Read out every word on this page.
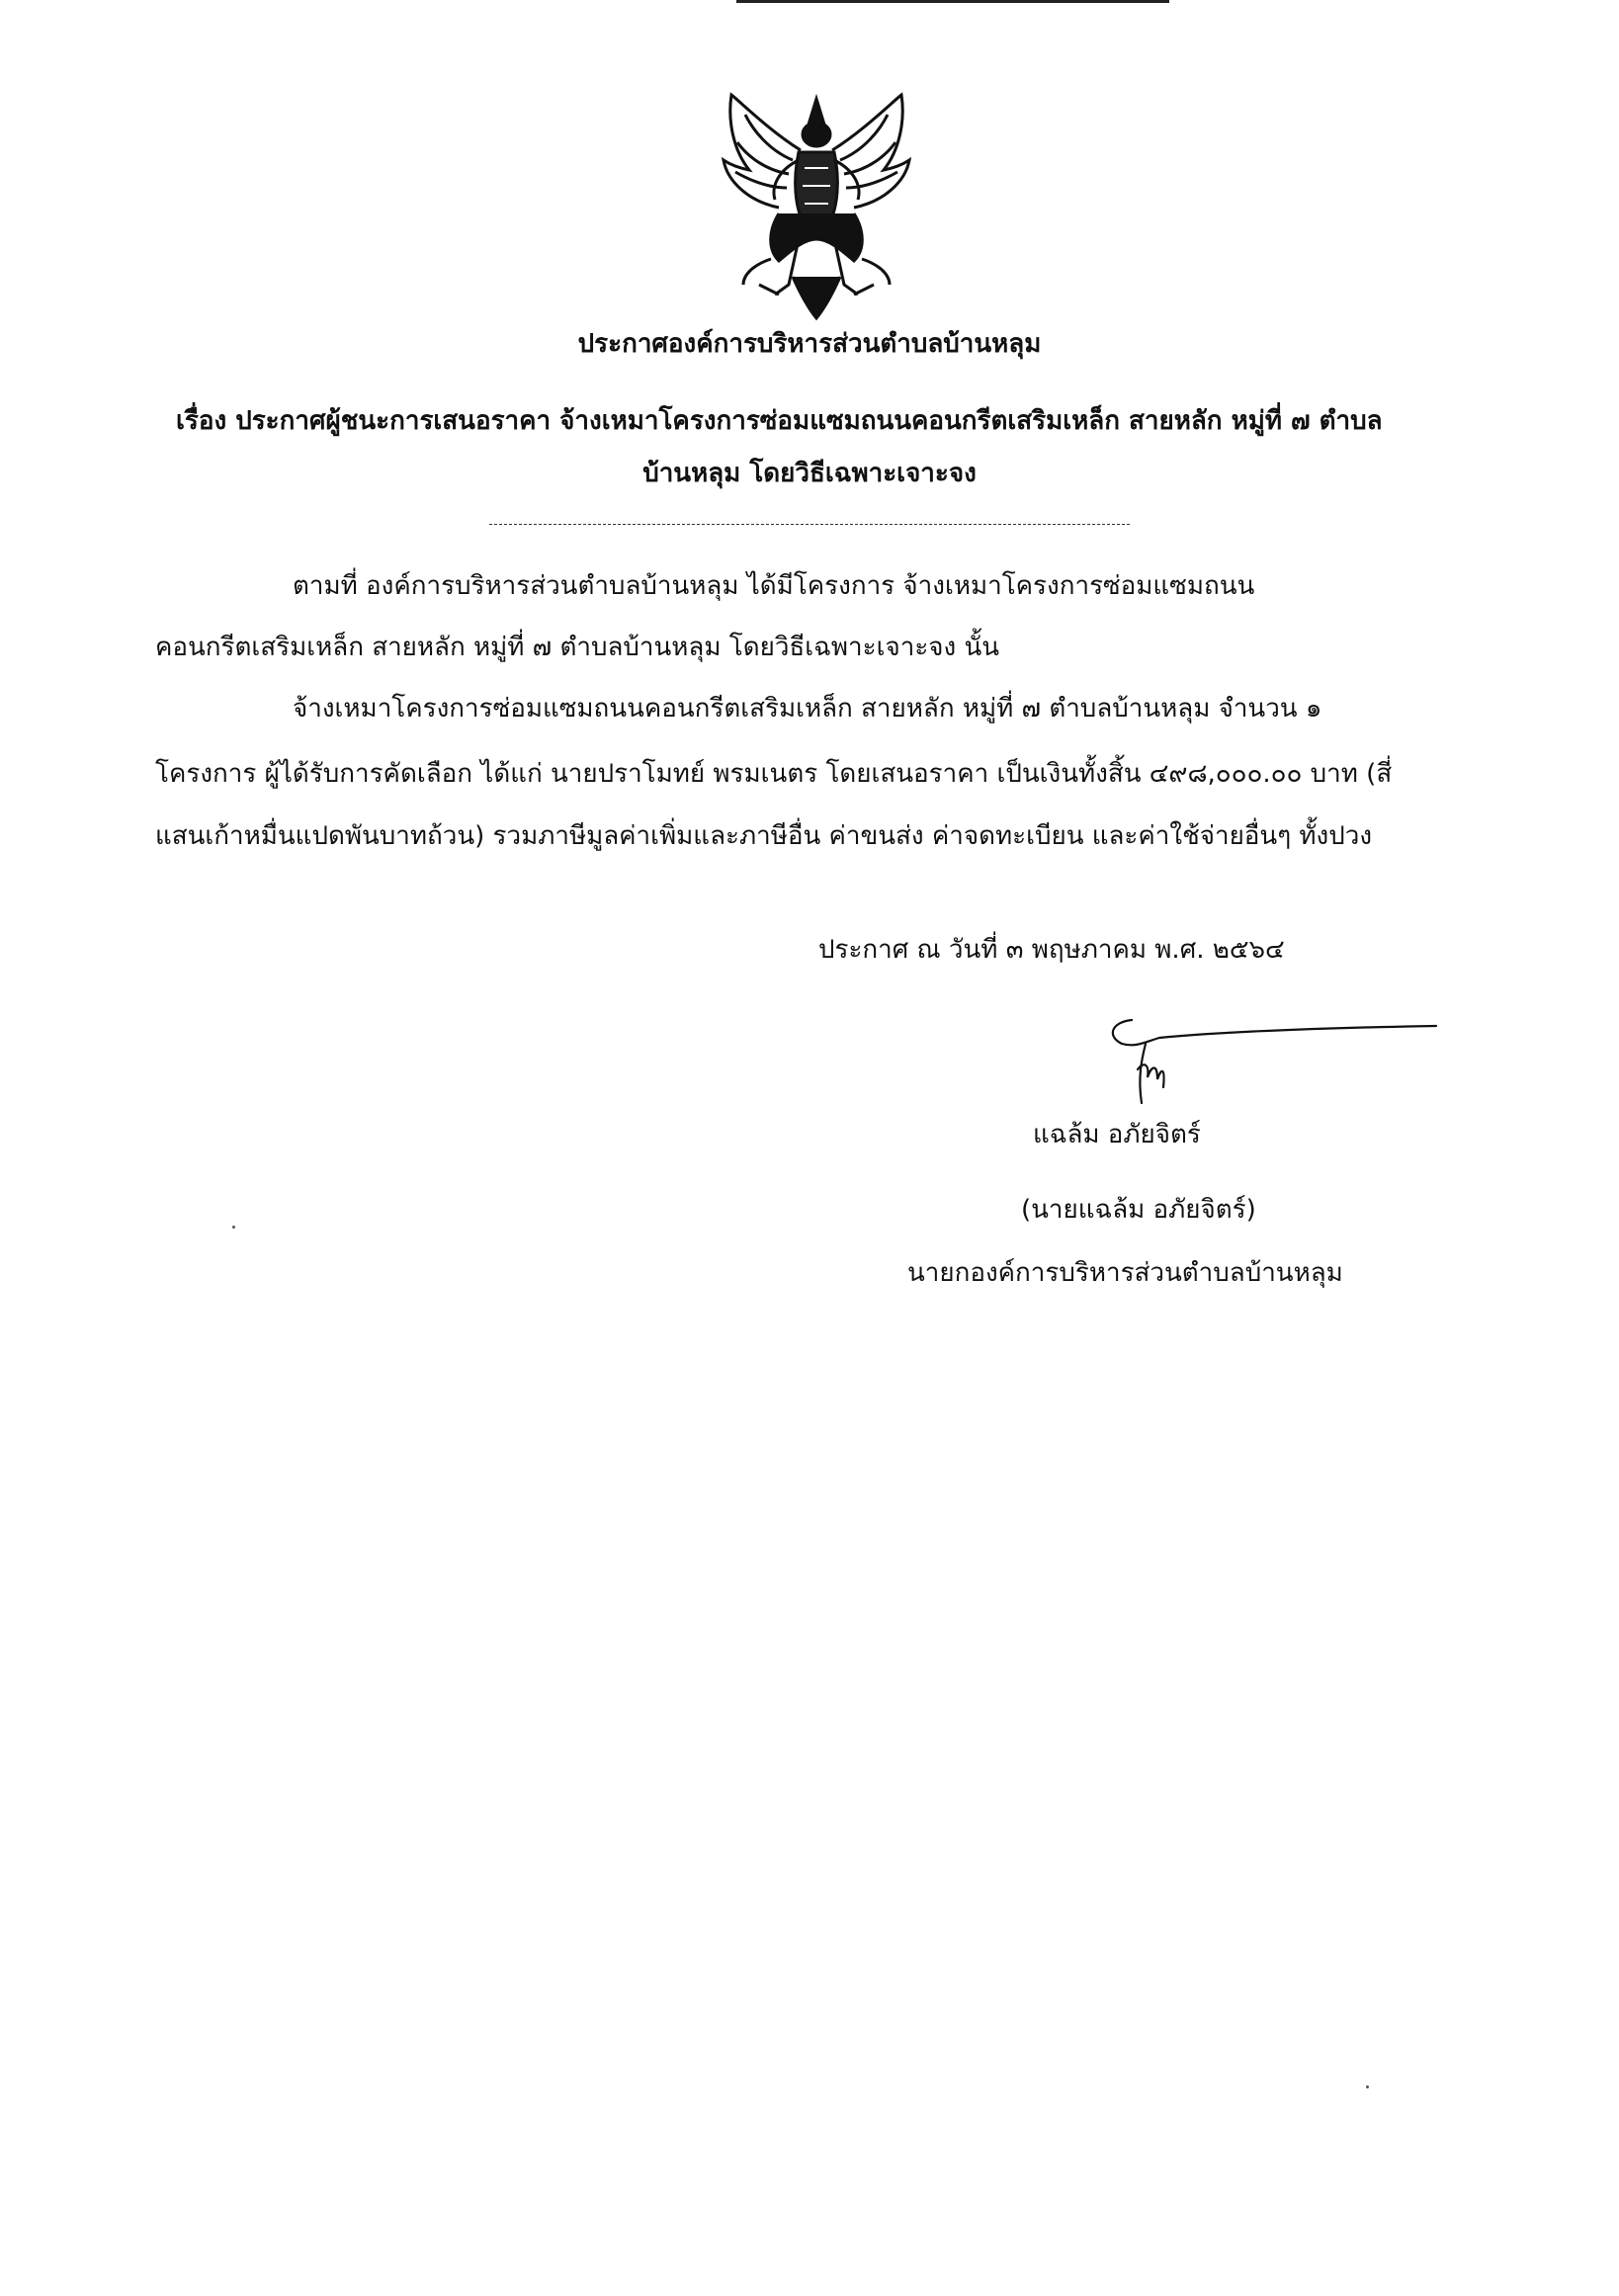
ประกาศองค์การบริหารส่วนตำบลบ้านหลุม
เรื่อง ประกาศผู้ชนะการเสนอราคา จ้างเหมาโครงการซ่อมแซมถนนคอนกรีตเสริมเหล็ก สายหลัก หมู่ที่ ๗ ตำบล
บ้านหลุม โดยวิธีเฉพาะเจาะจง
ตามที่ องค์การบริหารส่วนตำบลบ้านหลุม ได้มีโครงการ จ้างเหมาโครงการซ่อมแซมถนน
คอนกรีตเสริมเหล็ก สายหลัก หมู่ที่ ๗ ตำบลบ้านหลุม โดยวิธีเฉพาะเจาะจง นั้น
จ้างเหมาโครงการซ่อมแซมถนนคอนกรีตเสริมเหล็ก สายหลัก หมู่ที่ ๗ ตำบลบ้านหลุม จำนวน ๑
โครงการ ผู้ได้รับการคัดเลือก ได้แก่ นายปราโมทย์ พรมเนตร โดยเสนอราคา เป็นเงินทั้งสิ้น ๔๙๘,๐๐๐.๐๐ บาท (สี่
แสนเก้าหมื่นแปดพันบาทถ้วน) รวมภาษีมูลค่าเพิ่มและภาษีอื่น ค่าขนส่ง ค่าจดทะเบียน และค่าใช้จ่ายอื่นๆ ทั้งปวง
ประกาศ ณ วันที่ ๓ พฤษภาคม พ.ศ. ๒๕๖๔
แฉล้ม อภัยจิตร์
(นายแฉล้ม อภัยจิตร์)
นายกองค์การบริหารส่วนตำบลบ้านหลุม
